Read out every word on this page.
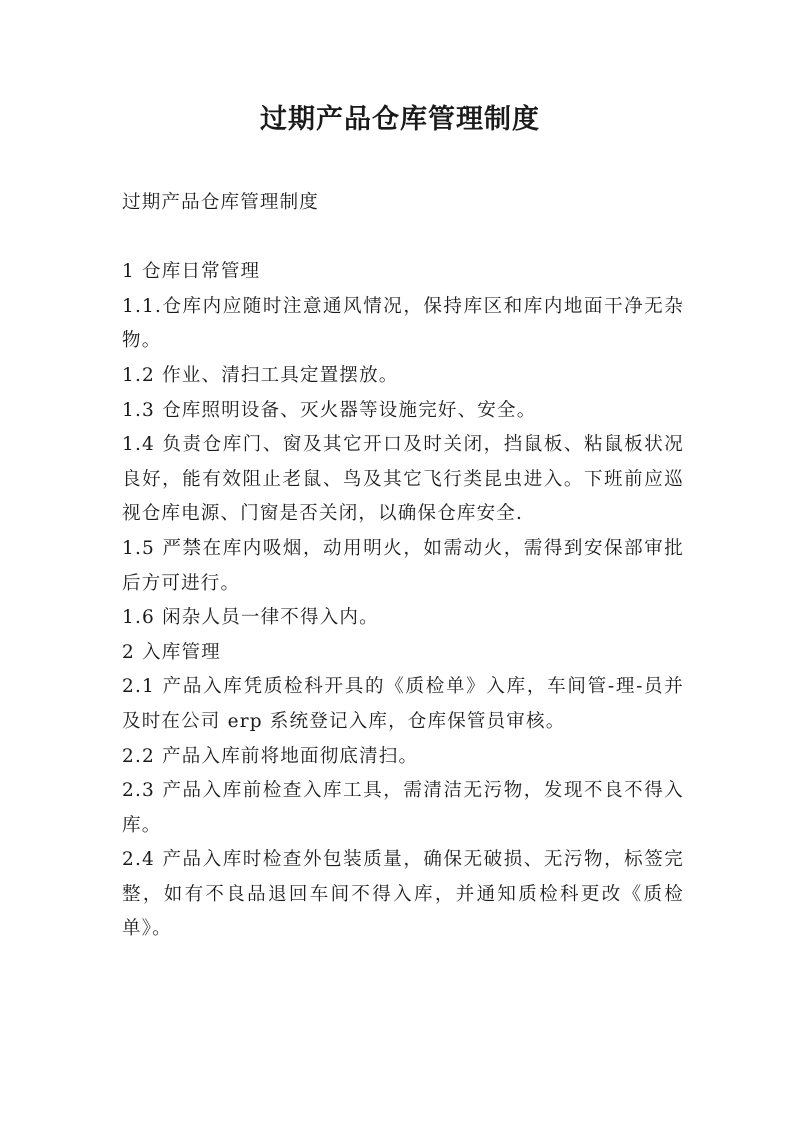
过期产品仓库管理制度

过期产品仓库管理制度

1 仓库日常管理

1.1.仓库内应随时注意通风情况，保持库区和库内地面干净无杂物。

1.2 作业、清扫工具定置摆放。

1.3 仓库照明设备、灭火器等设施完好、安全。

1.4 负责仓库门、窗及其它开口及时关闭，挡鼠板、粘鼠板状况良好，能有效阻止老鼠、鸟及其它飞行类昆虫进入。下班前应巡视仓库电源、门窗是否关闭，以确保仓库安全.

1.5 严禁在库内吸烟，动用明火，如需动火，需得到安保部审批后方可进行。

1.6 闲杂人员一律不得入内。

2 入库管理

2.1 产品入库凭质检科开具的《质检单》入库，车间管-理-员并及时在公司 erp 系统登记入库，仓库保管员审核。

2.2 产品入库前将地面彻底清扫。

2.3 产品入库前检查入库工具，需清洁无污物，发现不良不得入库。

2.4 产品入库时检查外包装质量，确保无破损、无污物，标签完整，如有不良品退回车间不得入库，并通知质检科更改《质检单》。
